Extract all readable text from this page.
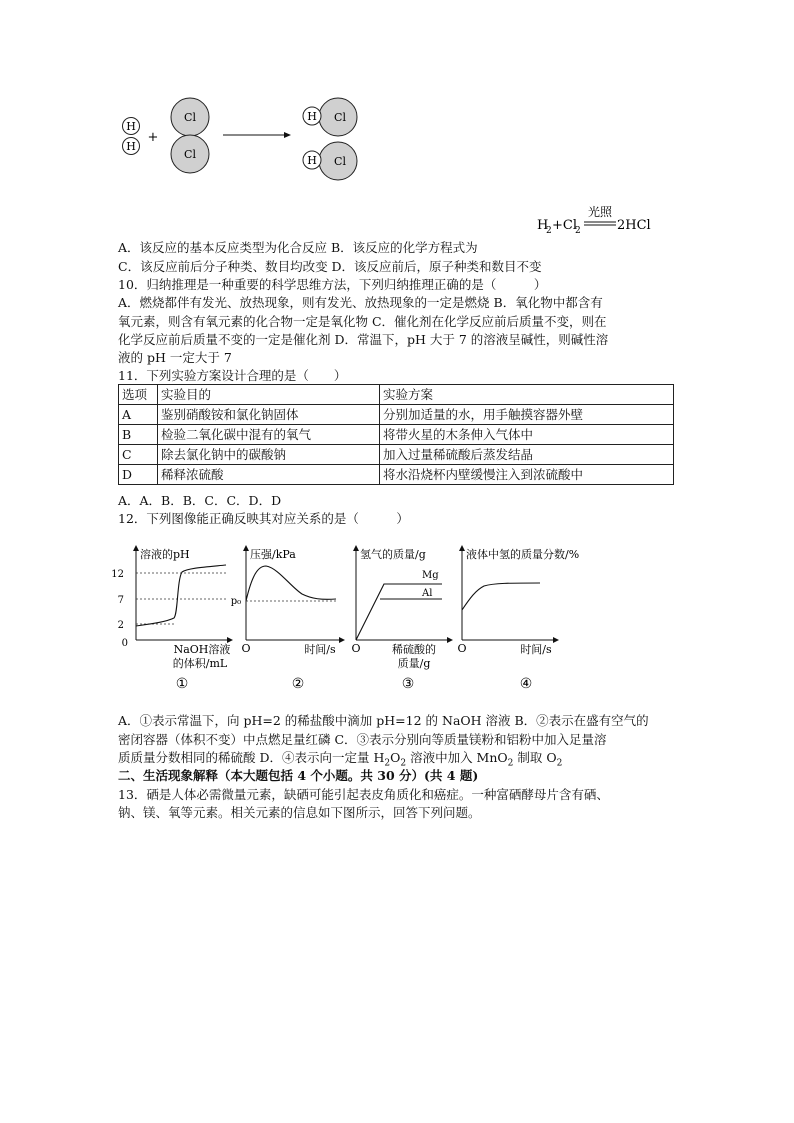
H
H
+
Cl
Cl
H Cl
H Cl
H
2 +Cl
2
光照
2HCl
A．该反应的基本反应类型为化合反应 B．该反应的化学方程式为
C．该反应前后分子种类、数目均改变 D．该反应前后，原子种类和数目不变
10．归纳推理是一种重要的科学思维方法，下列归纳推理正确的是（　　　）
A．燃烧都伴有发光、放热现象，则有发光、放热现象的一定是燃烧 B．氧化物中都含有
氧元素，则含有氧元素的化合物一定是氧化物 C．催化剂在化学反应前后质量不变，则在
化学反应前后质量不变的一定是催化剂 D．常温下，pH 大于 7 的溶液呈碱性，则碱性溶
液的 pH 一定大于 7
11．下列实验方案设计合理的是（　　）
选项	实验目的	实验方案
A	鉴别硝酸铵和氯化钠固体	分别加适量的水，用手触摸容器外壁
B	检验二氧化碳中混有的氧气	将带火星的木条伸入气体中
C	除去氯化钠中的碳酸钠	加入过量稀硫酸后蒸发结晶
D	稀释浓硫酸	将水沿烧杯内壁缓慢注入到浓硫酸中
A．A．B．B．C．C．D．D
12．下列图像能正确反映其对应关系的是（　　　）
溶液的pH
12
7
2
0	NaOH溶液
的体积/mL
①
压强/kPa
p₀
O	时间/s
②
氢气的质量/g
Mg
Al
O	稀硫酸的
质量/g
③
液体中氢的质量分数/%
O	时间/s
④
A．①表示常温下，向 pH=2 的稀盐酸中滴加 pH=12 的 NaOH 溶液 B．②表示在盛有空气的
密闭容器（体积不变）中点燃足量红磷 C．③表示分别向等质量镁粉和铝粉中加入足量溶
质质量分数相同的稀硫酸 D．④表示向一定量 $H_2O_2$ 溶液中加入 MnO$_2$ 制取 $O_2$
二、生活现象解释（本大题包括 4 个小题。共 30 分）(共 4 题)
13．硒是人体必需微量元素，缺硒可能引起表皮角质化和癌症。一种富硒酵母片含有硒、
钠、镁、氧等元素。相关元素的信息如下图所示，回答下列问题。
